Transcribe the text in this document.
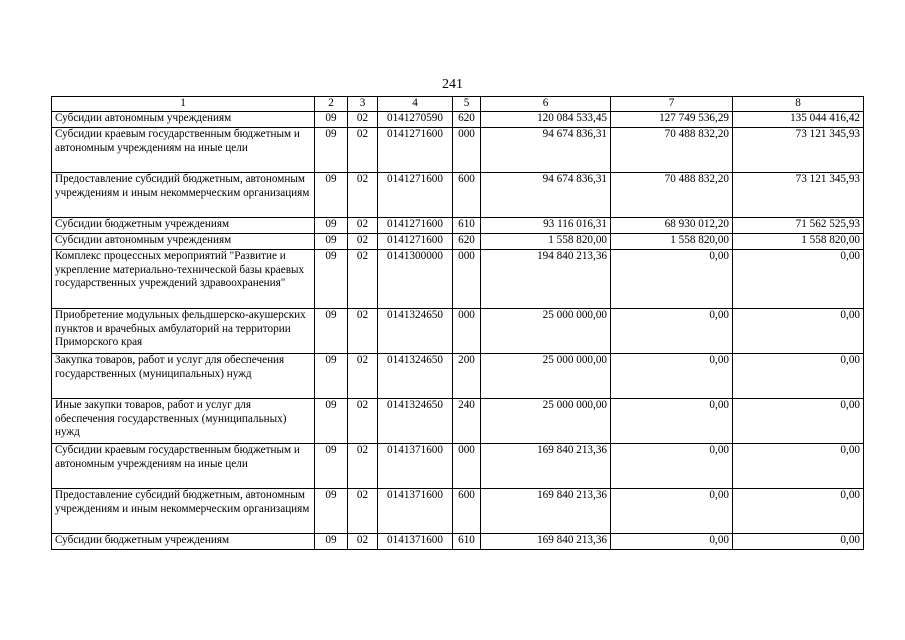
241
1	2	3	4	5	6	7	8
Субсидии автономным учреждениям	09	02	0141270590	620	120 084 533,45	127 749 536,29	135 044 416,42
Субсидии краевым государственным бюджетным и автономным учреждениям на иные цели	09	02	0141271600	000	94 674 836,31	70 488 832,20	73 121 345,93
Предоставление субсидий бюджетным, автономным учреждениям и иным некоммерческим организациям	09	02	0141271600	600	94 674 836,31	70 488 832,20	73 121 345,93
Субсидии бюджетным учреждениям	09	02	0141271600	610	93 116 016,31	68 930 012,20	71 562 525,93
Субсидии автономным учреждениям	09	02	0141271600	620	1 558 820,00	1 558 820,00	1 558 820,00
Комплекс процессных мероприятий "Развитие и укрепление материально-технической базы краевых государственных учреждений здравоохранения"	09	02	0141300000	000	194 840 213,36	0,00	0,00
Приобретение модульных фельдшерско-акушерских пунктов и врачебных амбулаторий на территории Приморского края	09	02	0141324650	000	25 000 000,00	0,00	0,00
Закупка товаров, работ и услуг для обеспечения государственных (муниципальных) нужд	09	02	0141324650	200	25 000 000,00	0,00	0,00
Иные закупки товаров, работ и услуг для обеспечения государственных (муниципальных) нужд	09	02	0141324650	240	25 000 000,00	0,00	0,00
Субсидии краевым государственным бюджетным и автономным учреждениям на иные цели	09	02	0141371600	000	169 840 213,36	0,00	0,00
Предоставление субсидий бюджетным, автономным учреждениям и иным некоммерческим организациям	09	02	0141371600	600	169 840 213,36	0,00	0,00
Субсидии бюджетным учреждениям	09	02	0141371600	610	169 840 213,36	0,00	0,00
